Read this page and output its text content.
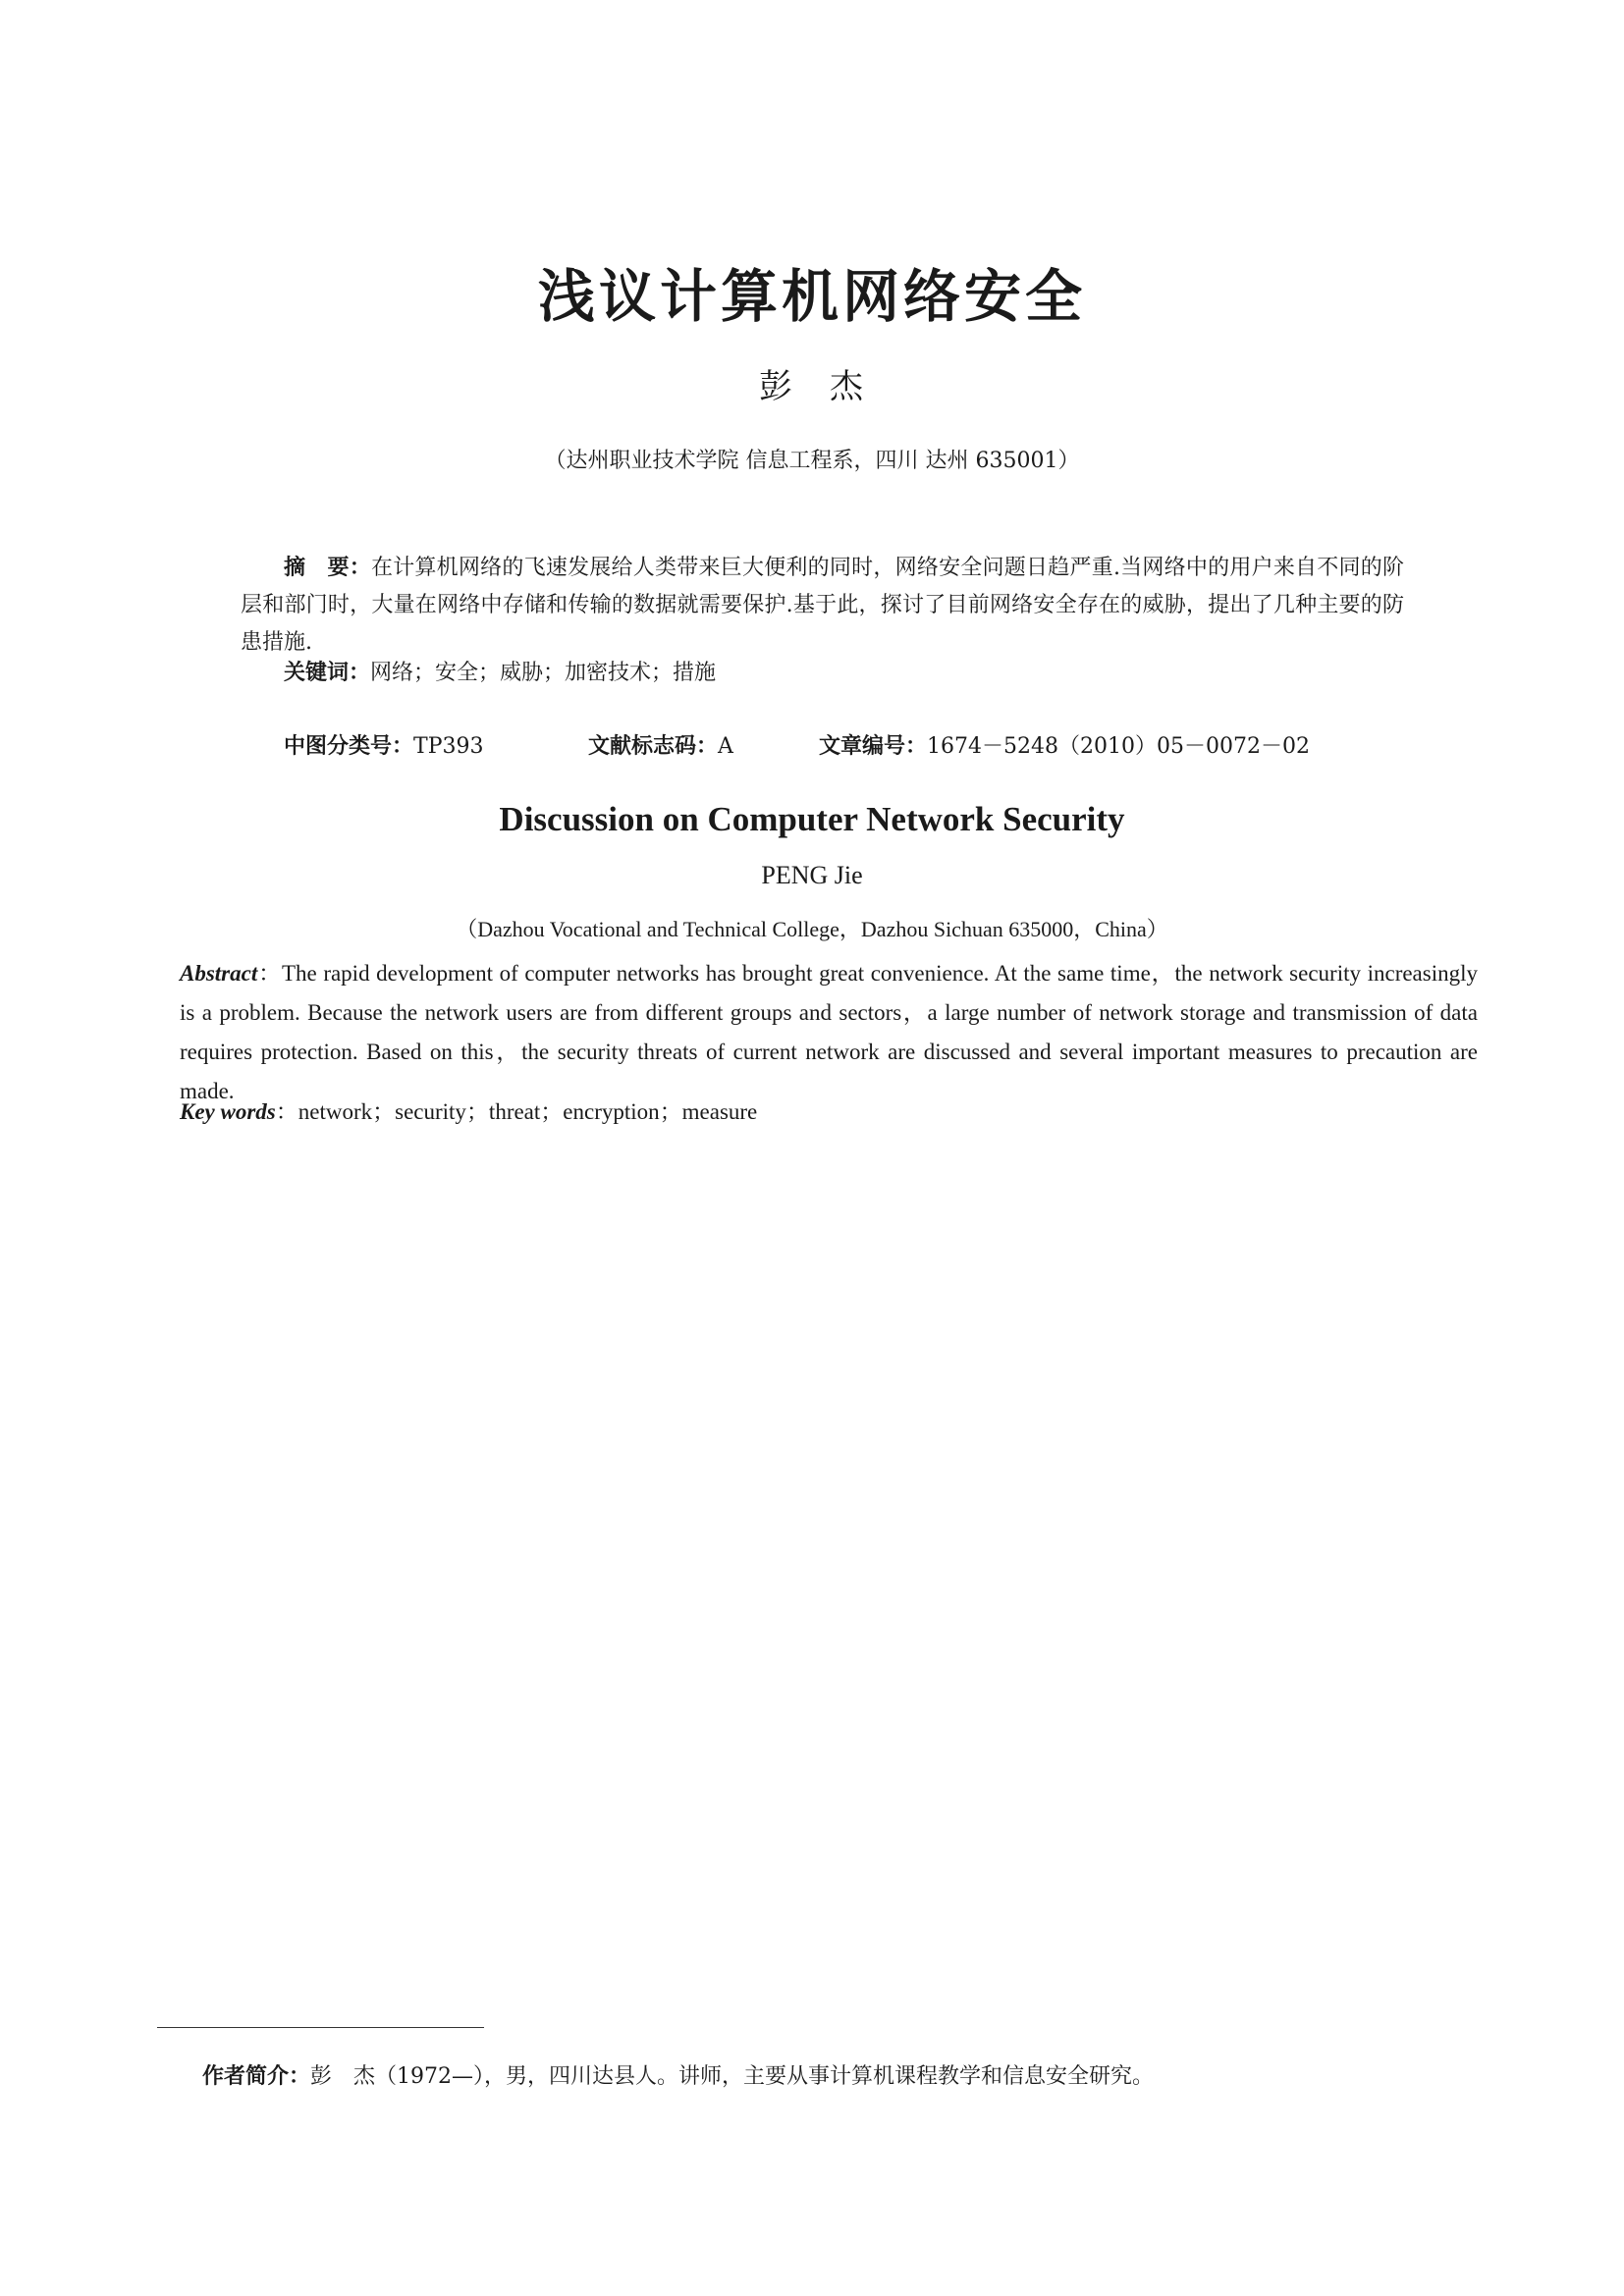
浅议计算机网络安全
彭　杰
（达州职业技术学院 信息工程系，四川 达州 635001）
摘　要：在计算机网络的飞速发展给人类带来巨大便利的同时，网络安全问题日趋严重.当网络中的用户来自不同的阶层和部门时，大量在网络中存储和传输的数据就需要保护.基于此，探讨了目前网络安全存在的威胁，提出了几种主要的防患措施.
关键词：网络；安全；威胁；加密技术；措施
中图分类号：TP393	文献标志码：A	文章编号：1674－5248（2010）05－0072－02
Discussion on Computer Network Security
PENG Jie
（Dazhou Vocational and Technical College，Dazhou Sichuan 635000，China）
Abstract：The rapid development of computer networks has brought great convenience. At the same time，the network security increasingly is a problem. Because the network users are from different groups and sectors，a large number of network storage and transmission of data requires protection. Based on this，the security threats of current network are discussed and several important measures to precaution are made.
Key words：network；security；threat；encryption；measure
作者简介：彭　杰（1972—），男，四川达县人。讲师，主要从事计算机课程教学和信息安全研究。
